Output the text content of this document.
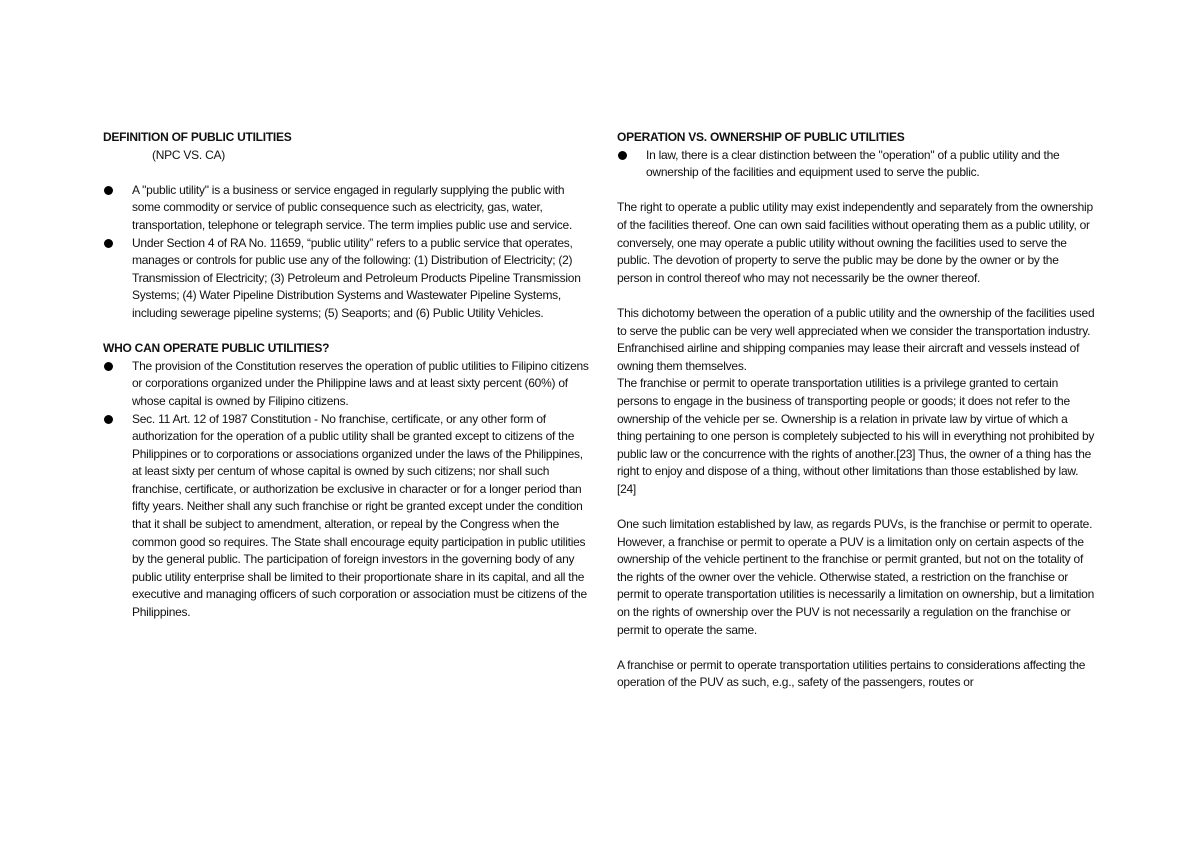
DEFINITION OF PUBLIC UTILITIES

(NPC VS. CA)

A "public utility" is a business or service engaged in regularly supplying the public with some commodity or service of public consequence such as electricity, gas, water, transportation, telephone or telegraph service. The term implies public use and service.
Under Section 4 of RA No. 11659, “public utility” refers to a public service that operates, manages or controls for public use any of the following: (1) Distribution of Electricity; (2) Transmission of Electricity; (3) Petroleum and Petroleum Products Pipeline Transmission Systems; (4) Water Pipeline Distribution Systems and Wastewater Pipeline Systems, including sewerage pipeline systems; (5) Seaports; and (6) Public Utility Vehicles.

WHO CAN OPERATE PUBLIC UTILITIES?

The provision of the Constitution reserves the operation of public utilities to Filipino citizens or corporations organized under the Philippine laws and at least sixty percent (60%) of whose capital is owned by Filipino citizens.
Sec. 11 Art. 12 of 1987 Constitution - No franchise, certificate, or any other form of authorization for the operation of a public utility shall be granted except to citizens of the Philippines or to corporations or associations organized under the laws of the Philippines, at least sixty per centum of whose capital is owned by such citizens; nor shall such franchise, certificate, or authorization be exclusive in character or for a longer period than fifty years. Neither shall any such franchise or right be granted except under the condition that it shall be subject to amendment, alteration, or repeal by the Congress when the common good so requires. The State shall encourage equity participation in public utilities by the general public. The participation of foreign investors in the governing body of any public utility enterprise shall be limited to their proportionate share in its capital, and all the executive and managing officers of such corporation or association must be citizens of the Philippines.

OPERATION VS. OWNERSHIP OF PUBLIC UTILITIES

In law, there is a clear distinction between the "operation" of a public utility and the ownership of the facilities and equipment used to serve the public.

The right to operate a public utility may exist independently and separately from the ownership of the facilities thereof. One can own said facilities without operating them as a public utility, or conversely, one may operate a public utility without owning the facilities used to serve the public. The devotion of property to serve the public may be done by the owner or by the person in control thereof who may not necessarily be the owner thereof.

This dichotomy between the operation of a public utility and the ownership of the facilities used to serve the public can be very well appreciated when we consider the transportation industry. Enfranchised airline and shipping companies may lease their aircraft and vessels instead of owning them themselves.

The franchise or permit to operate transportation utilities is a privilege granted to certain persons to engage in the business of transporting people or goods; it does not refer to the ownership of the vehicle per se. Ownership is a relation in private law by virtue of which a thing pertaining to one person is completely subjected to his will in everything not prohibited by public law or the concurrence with the rights of another.[23] Thus, the owner of a thing has the right to enjoy and dispose of a thing, without other limitations than those established by law.[24]

One such limitation established by law, as regards PUVs, is the franchise or permit to operate. However, a franchise or permit to operate a PUV is a limitation only on certain aspects of the ownership of the vehicle pertinent to the franchise or permit granted, but not on the totality of the rights of the owner over the vehicle. Otherwise stated, a restriction on the franchise or permit to operate transportation utilities is necessarily a limitation on ownership, but a limitation on the rights of ownership over the PUV is not necessarily a regulation on the franchise or permit to operate the same.

A franchise or permit to operate transportation utilities pertains to considerations affecting the operation of the PUV as such, e.g., safety of the passengers, routes or
